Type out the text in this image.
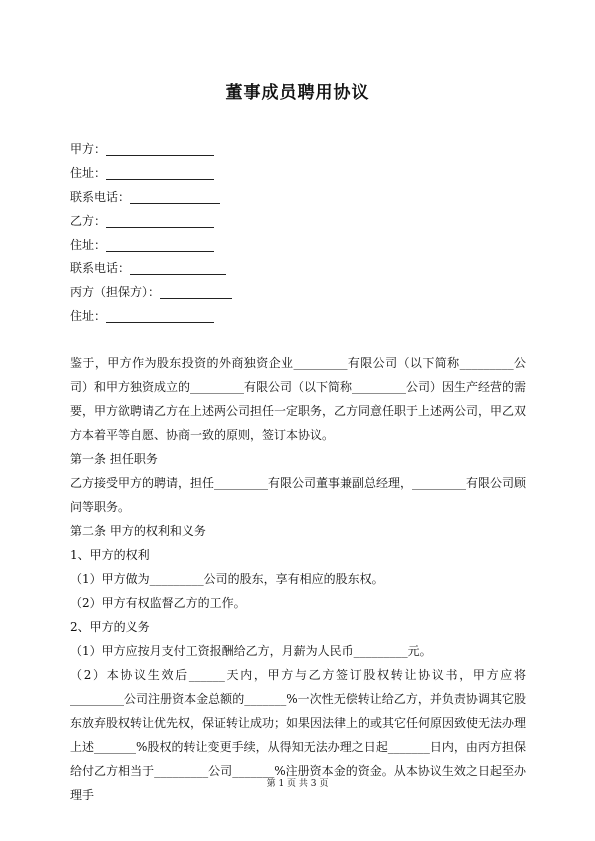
董事成员聘用协议
甲方：
住址：
联系电话：
乙方：
住址：
联系电话：
丙方（担保方）：
住址：

鉴于，甲方作为股东投资的外商独资企业_________有限公司（以下简称_________公司）和甲方独资成立的_________有限公司（以下简称_________公司）因生产经营的需要，甲方欲聘请乙方在上述两公司担任一定职务，乙方同意任职于上述两公司，甲乙双方本着平等自愿、协商一致的原则，签订本协议。

第一条 担任职务

乙方接受甲方的聘请，担任_________有限公司董事兼副总经理，_________有限公司顾问等职务。

第二条 甲方的权利和义务

1、甲方的权利

（1）甲方做为_________公司的股东，享有相应的股东权。

（2）甲方有权监督乙方的工作。

2、甲方的义务

（1）甲方应按月支付工资报酬给乙方，月薪为人民币_________元。

（2）本协议生效后______天内，甲方与乙方签订股权转让协议书，甲方应将_________公司注册资本金总额的_______%一次性无偿转让给乙方，并负责协调其它股东放弃股权转让优先权，保证转让成功；如果因法律上的或其它任何原因致使无法办理上述_______%股权的转让变更手续，从得知无法办理之日起_______日内，由丙方担保给付乙方相当于_________公司_______%注册资本金的资金。从本协议生效之日起至办理手

第 1 页 共 3 页
